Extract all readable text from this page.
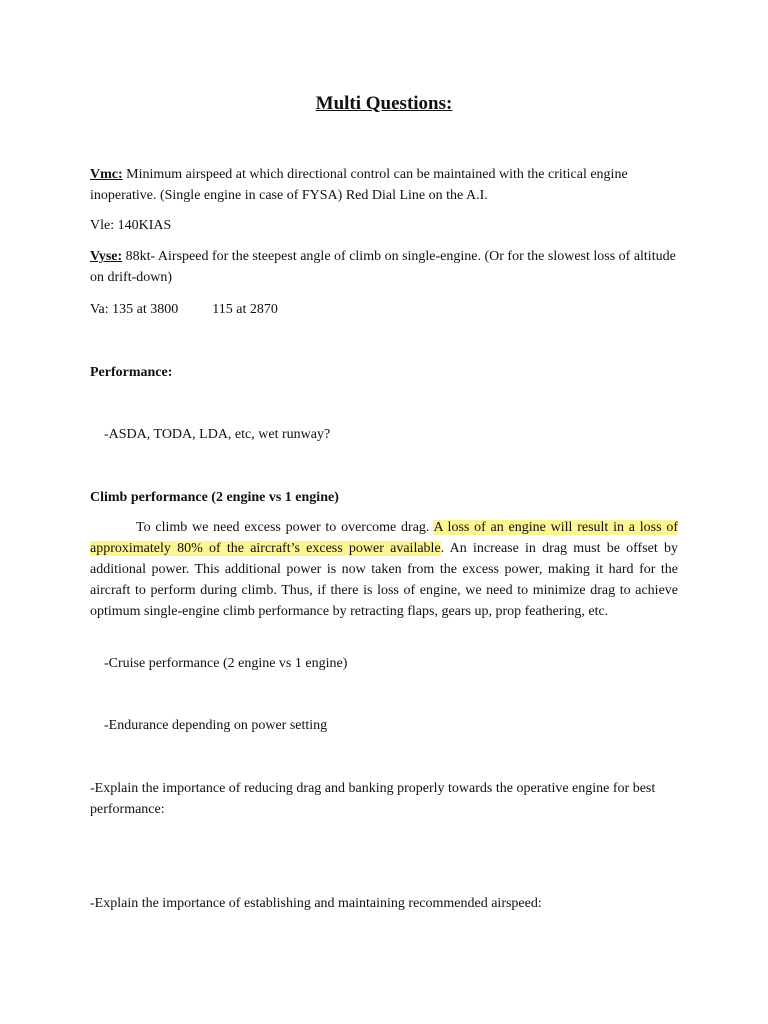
Multi Questions:

Vmc: Minimum airspeed at which directional control can be maintained with the critical engine inoperative. (Single engine in case of FYSA) Red Dial Line on the A.I.

Vle: 140KIAS

Vyse: 88kt- Airspeed for the steepest angle of climb on single-engine. (Or for the slowest loss of altitude on drift-down)

Va: 135 at 3800 115 at 2870

Performance:

-ASDA, TODA, LDA, etc, wet runway?

Climb performance (2 engine vs 1 engine)

To climb we need excess power to overcome drag. A loss of an engine will result in a loss of approximately 80% of the aircraft’s excess power available. An increase in drag must be offset by additional power. This additional power is now taken from the excess power, making it hard for the aircraft to perform during climb. Thus, if there is loss of engine, we need to minimize drag to achieve optimum single-engine climb performance by retracting flaps, gears up, prop feathering, etc.

-Cruise performance (2 engine vs 1 engine)

-Endurance depending on power setting

-Explain the importance of reducing drag and banking properly towards the operative engine for best performance:

-Explain the importance of establishing and maintaining recommended airspeed:
